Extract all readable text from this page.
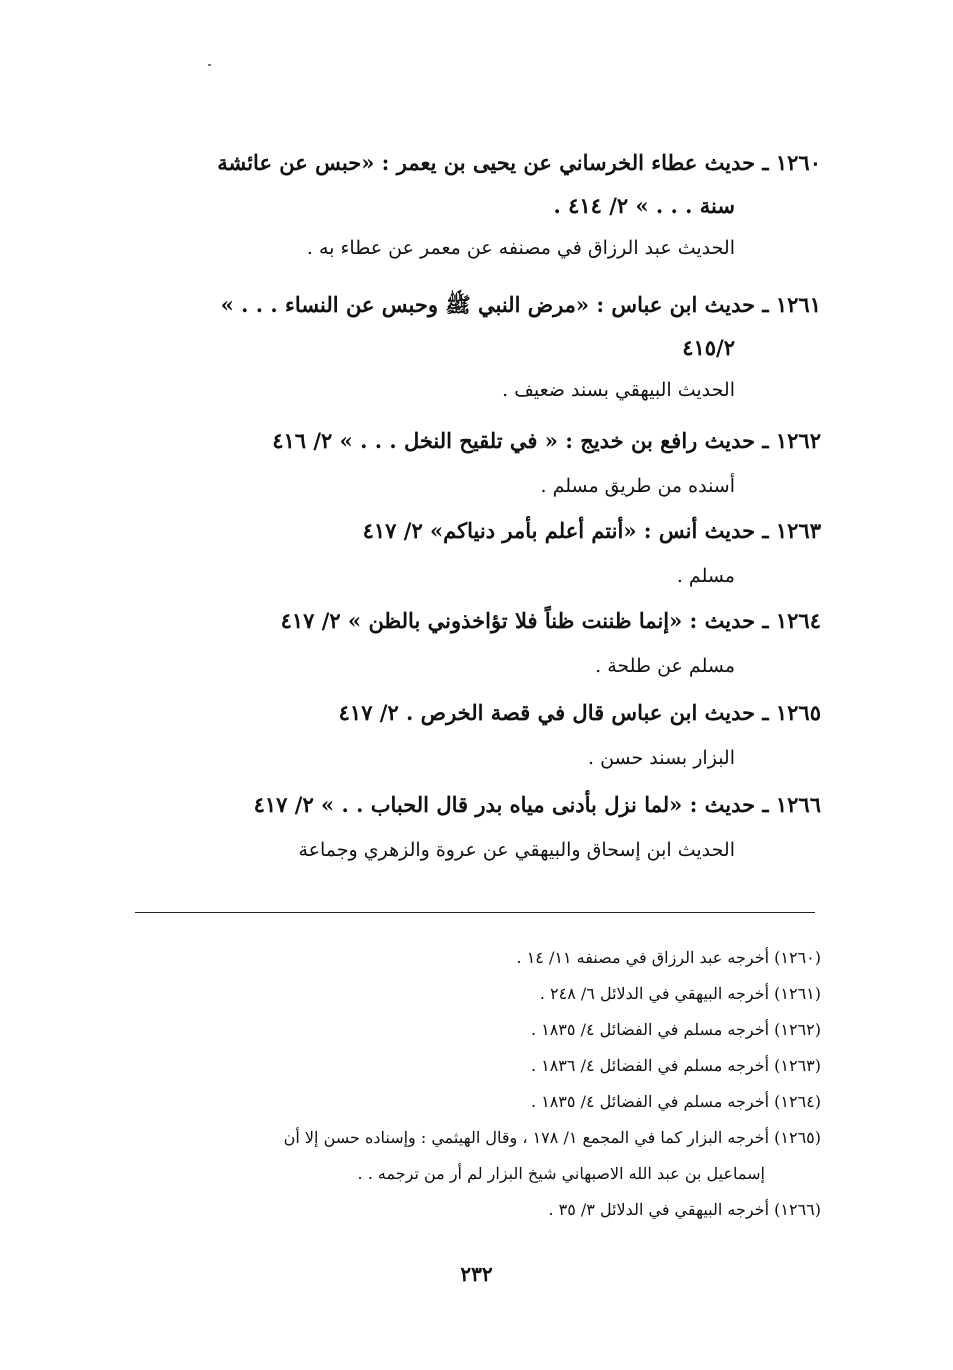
١٢٦٠ ـ حديث عطاء الخرساني عن يحيى بن يعمر : «حبس عن عائشة
سنة . . . » ٢/ ٤١٤ .
الحديث عبد الرزاق في مصنفه عن معمر عن عطاء به .
١٢٦١ ـ حديث ابن عباس : «مرض النبي ﷺ وحبس عن النساء . . . »
٤١٥/٢
الحديث البيهقي بسند ضعيف .
١٢٦٢ ـ حديث رافع بن خديج : « في تلقيح النخل . . . » ٢/ ٤١٦
أسنده من طريق مسلم .
١٢٦٣ ـ حديث أنس : «أنتم أعلم بأمر دنياكم» ٢/ ٤١٧
مسلم .
١٢٦٤ ـ حديث : «إنما ظننت ظناً فلا تؤاخذوني بالظن » ٢/ ٤١٧
مسلم عن طلحة .
١٢٦٥ ـ حديث ابن عباس قال في قصة الخرص . ٢/ ٤١٧
البزار بسند حسن .
١٢٦٦ ـ حديث : «لما نزل بأدنى مياه بدر قال الحباب . . » ٢/ ٤١٧
الحديث ابن إسحاق والبيهقي عن عروة والزهري وجماعة
(١٢٦٠) أخرجه عبد الرزاق في مصنفه ١١/ ١٤ .
(١٢٦١) أخرجه البيهقي في الدلائل ٦/ ٢٤٨ .
(١٢٦٢) أخرجه مسلم في الفضائل ٤/ ١٨٣٥ .
(١٢٦٣) أخرجه مسلم في الفضائل ٤/ ١٨٣٦ .
(١٢٦٤) أخرجه مسلم في الفضائل ٤/ ١٨٣٥ .
(١٢٦٥) أخرجه البزار كما في المجمع ١/ ١٧٨ ، وقال الهيثمي : وإسناده حسن إلا أن
إسماعيل بن عبد الله الاصبهاني شيخ البزار لم أر من ترجمه . .
(١٢٦٦) أخرجه البيهقي في الدلائل ٣/ ٣٥ .
٢٣٢
